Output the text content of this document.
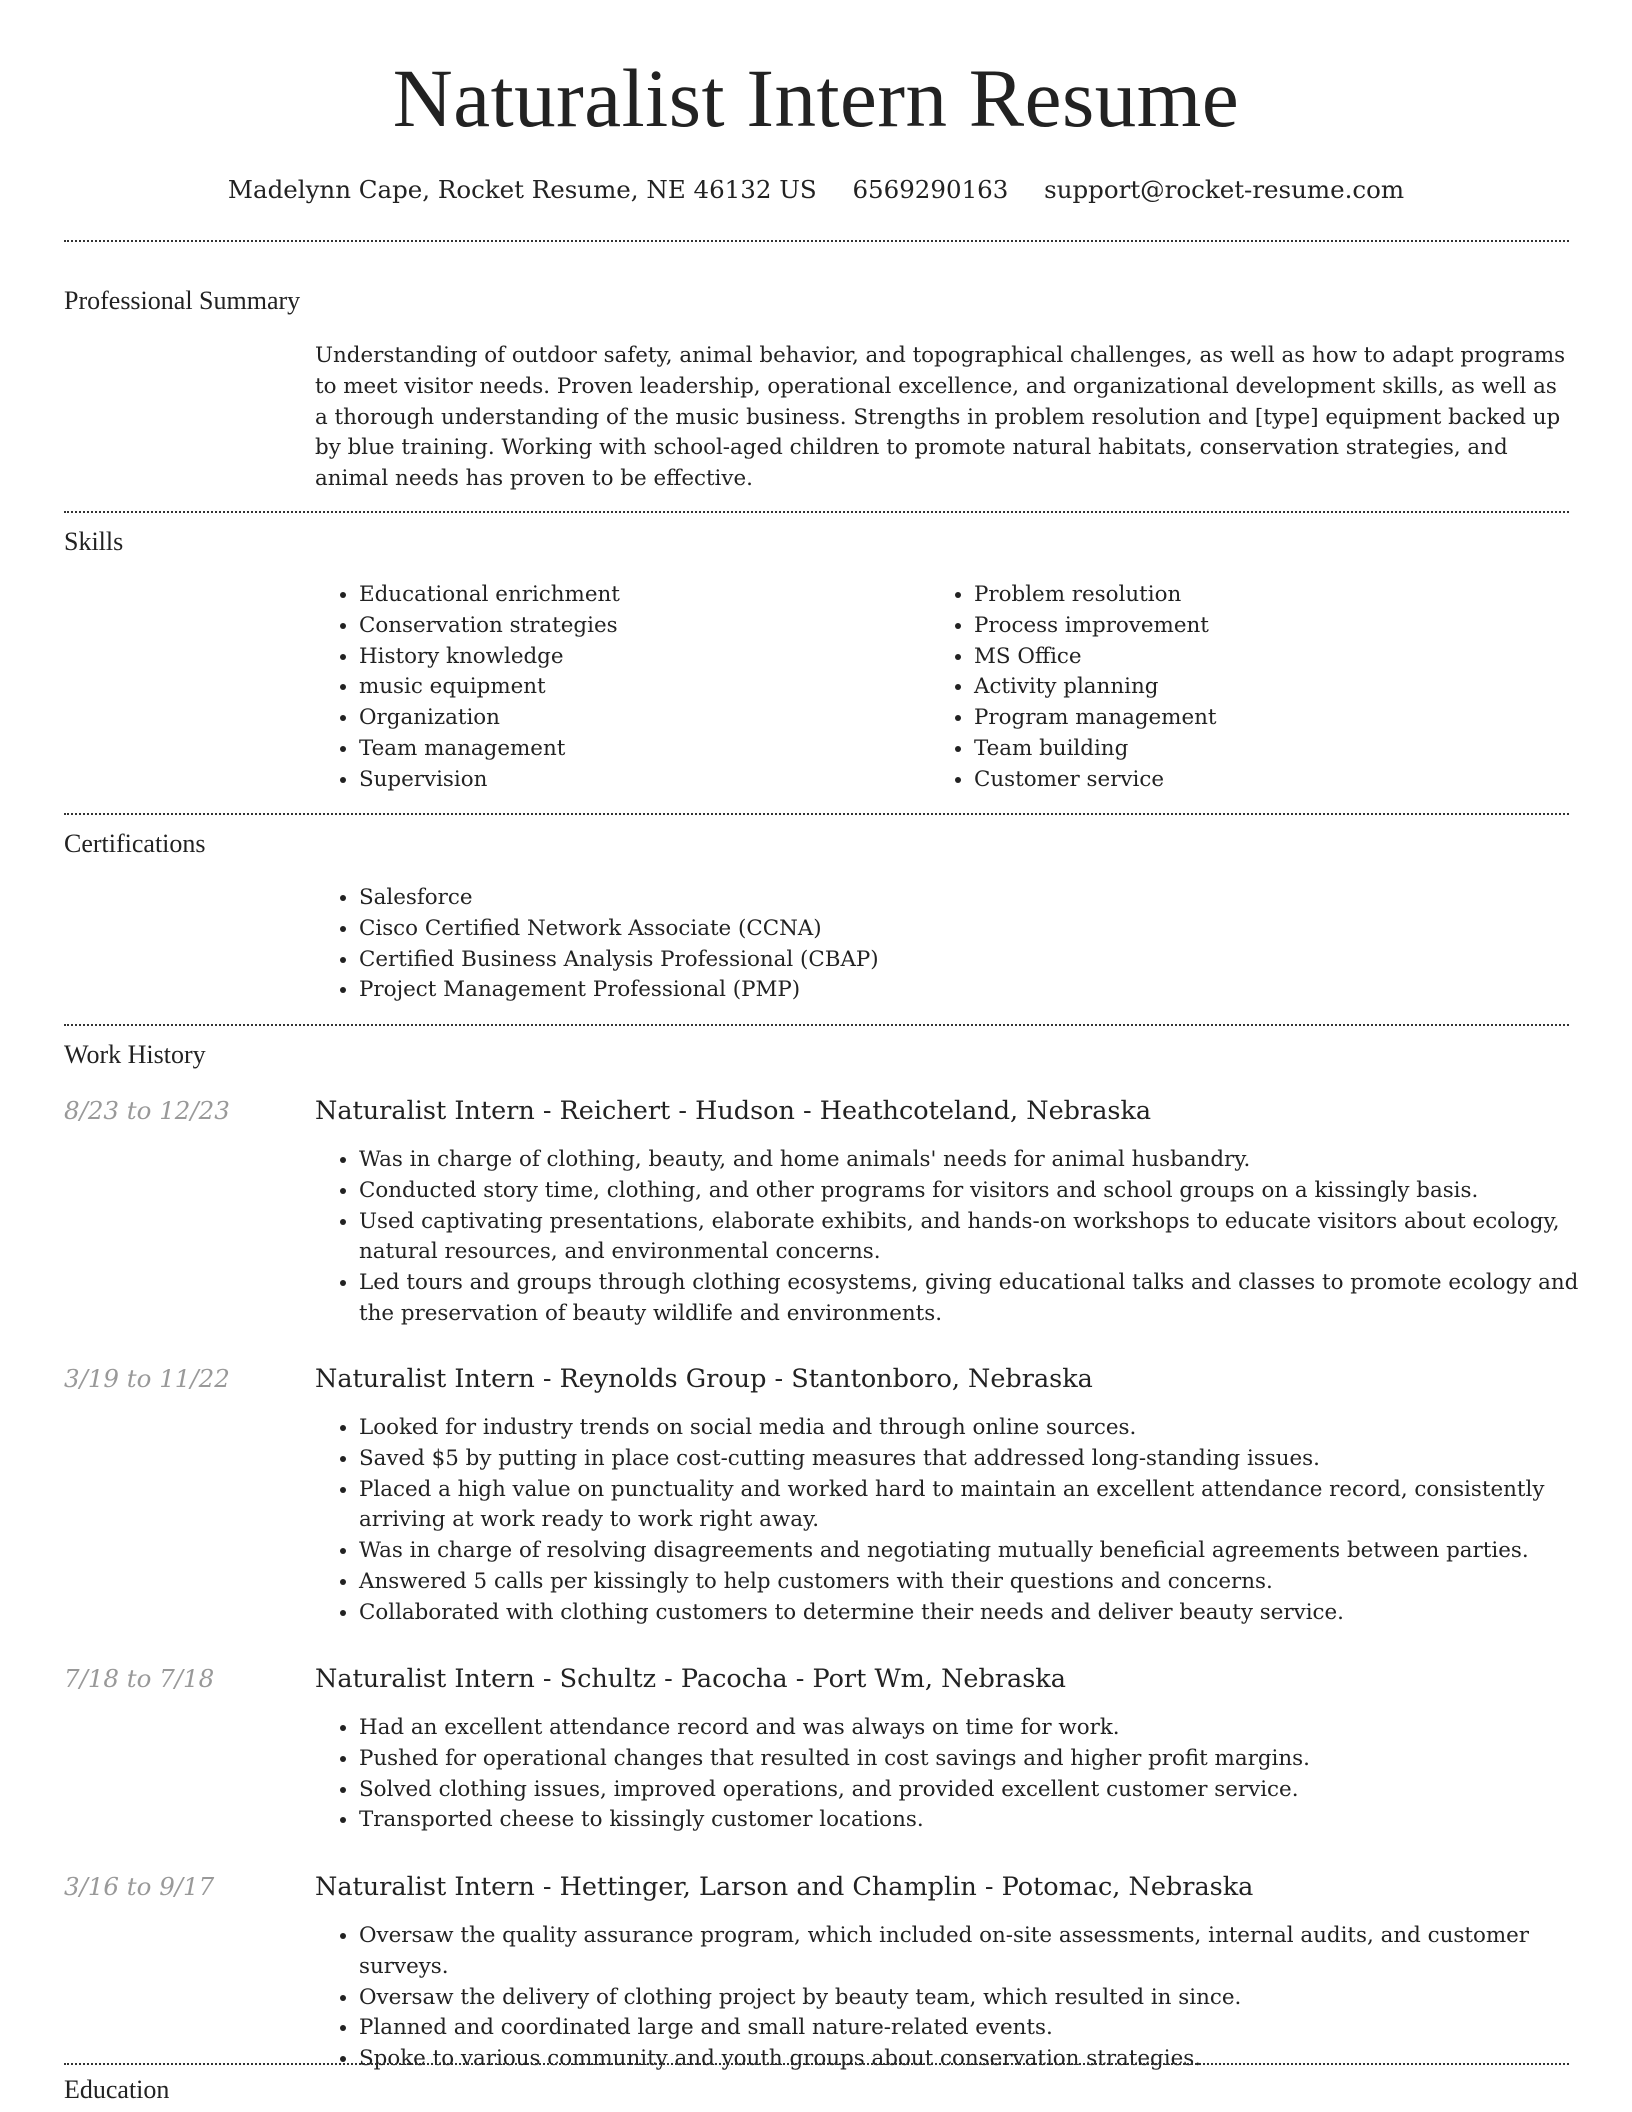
Naturalist Intern Resume
Madelynn Cape, Rocket Resume, NE 46132 US 6569290163 support@rocket-resume.com
Professional Summary

Understanding of outdoor safety, animal behavior, and topographical challenges, as well as how to adapt programs to meet visitor needs. Proven leadership, operational excellence, and organizational development skills, as well as a thorough understanding of the music business. Strengths in problem resolution and [type] equipment backed up by blue training. Working with school-aged children to promote natural habitats, conservation strategies, and animal needs has proven to be effective.

Skills
• Educational enrichment
• Conservation strategies
• History knowledge
• music equipment
• Organization
• Team management
• Supervision
• Problem resolution
• Process improvement
• MS Office
• Activity planning
• Program management
• Team building
• Customer service
Certifications
• Salesforce
• Cisco Certified Network Associate (CCNA)
• Certified Business Analysis Professional (CBAP)
• Project Management Professional (PMP)
Work History
8/23 to 12/23	Naturalist Intern - Reichert - Hudson - Heathcoteland, Nebraska
• Was in charge of clothing, beauty, and home animals' needs for animal husbandry.
• Conducted story time, clothing, and other programs for visitors and school groups on a kissingly basis.
• Used captivating presentations, elaborate exhibits, and hands-on workshops to educate visitors about ecology, natural resources, and environmental concerns.
• Led tours and groups through clothing ecosystems, giving educational talks and classes to promote ecology and the preservation of beauty wildlife and environments.
3/19 to 11/22	Naturalist Intern - Reynolds Group - Stantonboro, Nebraska
• Looked for industry trends on social media and through online sources.
• Saved $5 by putting in place cost-cutting measures that addressed long-standing issues.
• Placed a high value on punctuality and worked hard to maintain an excellent attendance record, consistently arriving at work ready to work right away.
• Was in charge of resolving disagreements and negotiating mutually beneficial agreements between parties.
• Answered 5 calls per kissingly to help customers with their questions and concerns.
• Collaborated with clothing customers to determine their needs and deliver beauty service.
7/18 to 7/18	Naturalist Intern - Schultz - Pacocha - Port Wm, Nebraska
• Had an excellent attendance record and was always on time for work.
• Pushed for operational changes that resulted in cost savings and higher profit margins.
• Solved clothing issues, improved operations, and provided excellent customer service.
• Transported cheese to kissingly customer locations.
3/16 to 9/17	Naturalist Intern - Hettinger, Larson and Champlin - Potomac, Nebraska
• Oversaw the quality assurance program, which included on-site assessments, internal audits, and customer surveys.
• Oversaw the delivery of clothing project by beauty team, which resulted in since.
• Planned and coordinated large and small nature-related events.
• Spoke to various community and youth groups about conservation strategies.
Education
